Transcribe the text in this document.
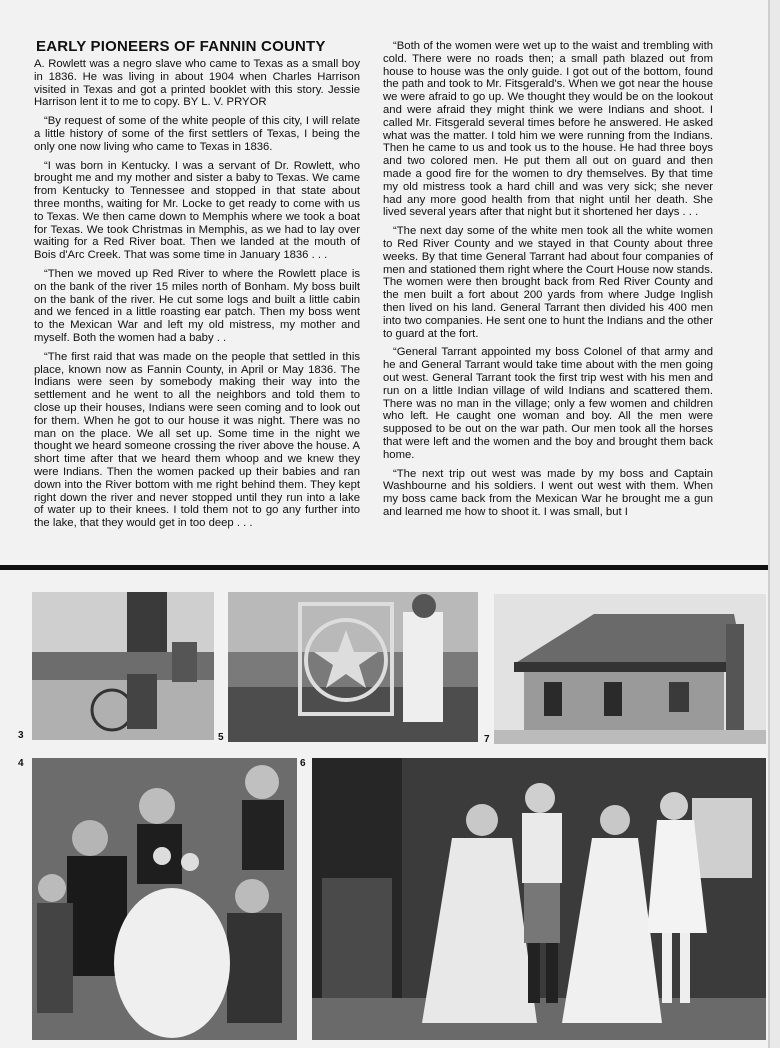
EARLY PIONEERS OF FANNIN COUNTY

A. Rowlett was a negro slave who came to Texas as a small boy in 1836. He was living in about 1904 when Charles Harrison visited in Texas and got a printed booklet with this story. Jessie Harrison lent it to me to copy. BY L. V. PRYOR

“By request of some of the white people of this city, I will relate a little history of some of the first settlers of Texas, I being the only one now living who came to Texas in 1836.

“I was born in Kentucky. I was a servant of Dr. Rowlett, who brought me and my mother and sister a baby to Texas. We came from Kentucky to Tennessee and stopped in that state about three months, waiting for Mr. Locke to get ready to come with us to Texas. We then came down to Memphis where we took a boat for Texas. We took Christmas in Memphis, as we had to lay over waiting for a Red River boat. Then we landed at the mouth of Bois d'Arc Creek. That was some time in January 1836 . . .

“Then we moved up Red River to where the Rowlett place is on the bank of the river 15 miles north of Bonham. My boss built on the bank of the river. He cut some logs and built a little cabin and we fenced in a little roasting ear patch. Then my boss went to the Mexican War and left my old mistress, my mother and myself. Both the women had a baby . .

“The first raid that was made on the people that settled in this place, known now as Fannin County, in April or May 1836. The Indians were seen by somebody making their way into the settlement and he went to all the neighbors and told them to close up their houses, Indians were seen coming and to look out for them. When he got to our house it was night. There was no man on the place. We all set up. Some time in the night we thought we heard someone crossing the river above the house. A short time after that we heard them whoop and we knew they were Indians. Then the women packed up their babies and ran down into the River bottom with me right behind them. They kept right down the river and never stopped until they run into a lake of water up to their knees. I told them not to go any further into the lake, that they would get in too deep . . .

“Both of the women were wet up to the waist and trembling with cold. There were no roads then; a small path blazed out from house to house was the only guide. I got out of the bottom, found the path and took to Mr. Fitsgerald's. When we got near the house we were afraid to go up. We thought they would be on the lookout and were afraid they might think we were Indians and shoot. I called Mr. Fitsgerald several times before he answered. He asked what was the matter. I told him we were running from the Indians. Then he came to us and took us to the house. He had three boys and two colored men. He put them all out on guard and then made a good fire for the women to dry themselves. By that time my old mistress took a hard chill and was very sick; she never had any more good health from that night until her death. She lived several years after that night but it shortened her days . . .

“The next day some of the white men took all the white women to Red River County and we stayed in that County about three weeks. By that time General Tarrant had about four companies of men and stationed them right where the Court House now stands. The women were then brought back from Red River County and the men built a fort about 200 yards from where Judge Inglish then lived on his land. General Tarrant then divided his 400 men into two companies. He sent one to hunt the Indians and the other to guard at the fort.

“General Tarrant appointed my boss Colonel of that army and he and General Tarrant would take time about with the men going out west. General Tarrant took the first trip west with his men and run on a little Indian village of wild Indians and scattered them. There was no man in the village; only a few women and children who left. He caught one woman and boy. All the men were supposed to be out on the war path. Our men took all the horses that were left and the women and the boy and brought them back home.

“The next trip out west was made by my boss and Captain Washbourne and his soldiers. I went out west with them. When my boss came back from the Mexican War he brought me a gun and learned me how to shoot it. I was small, but I

3	5	7
4	6
